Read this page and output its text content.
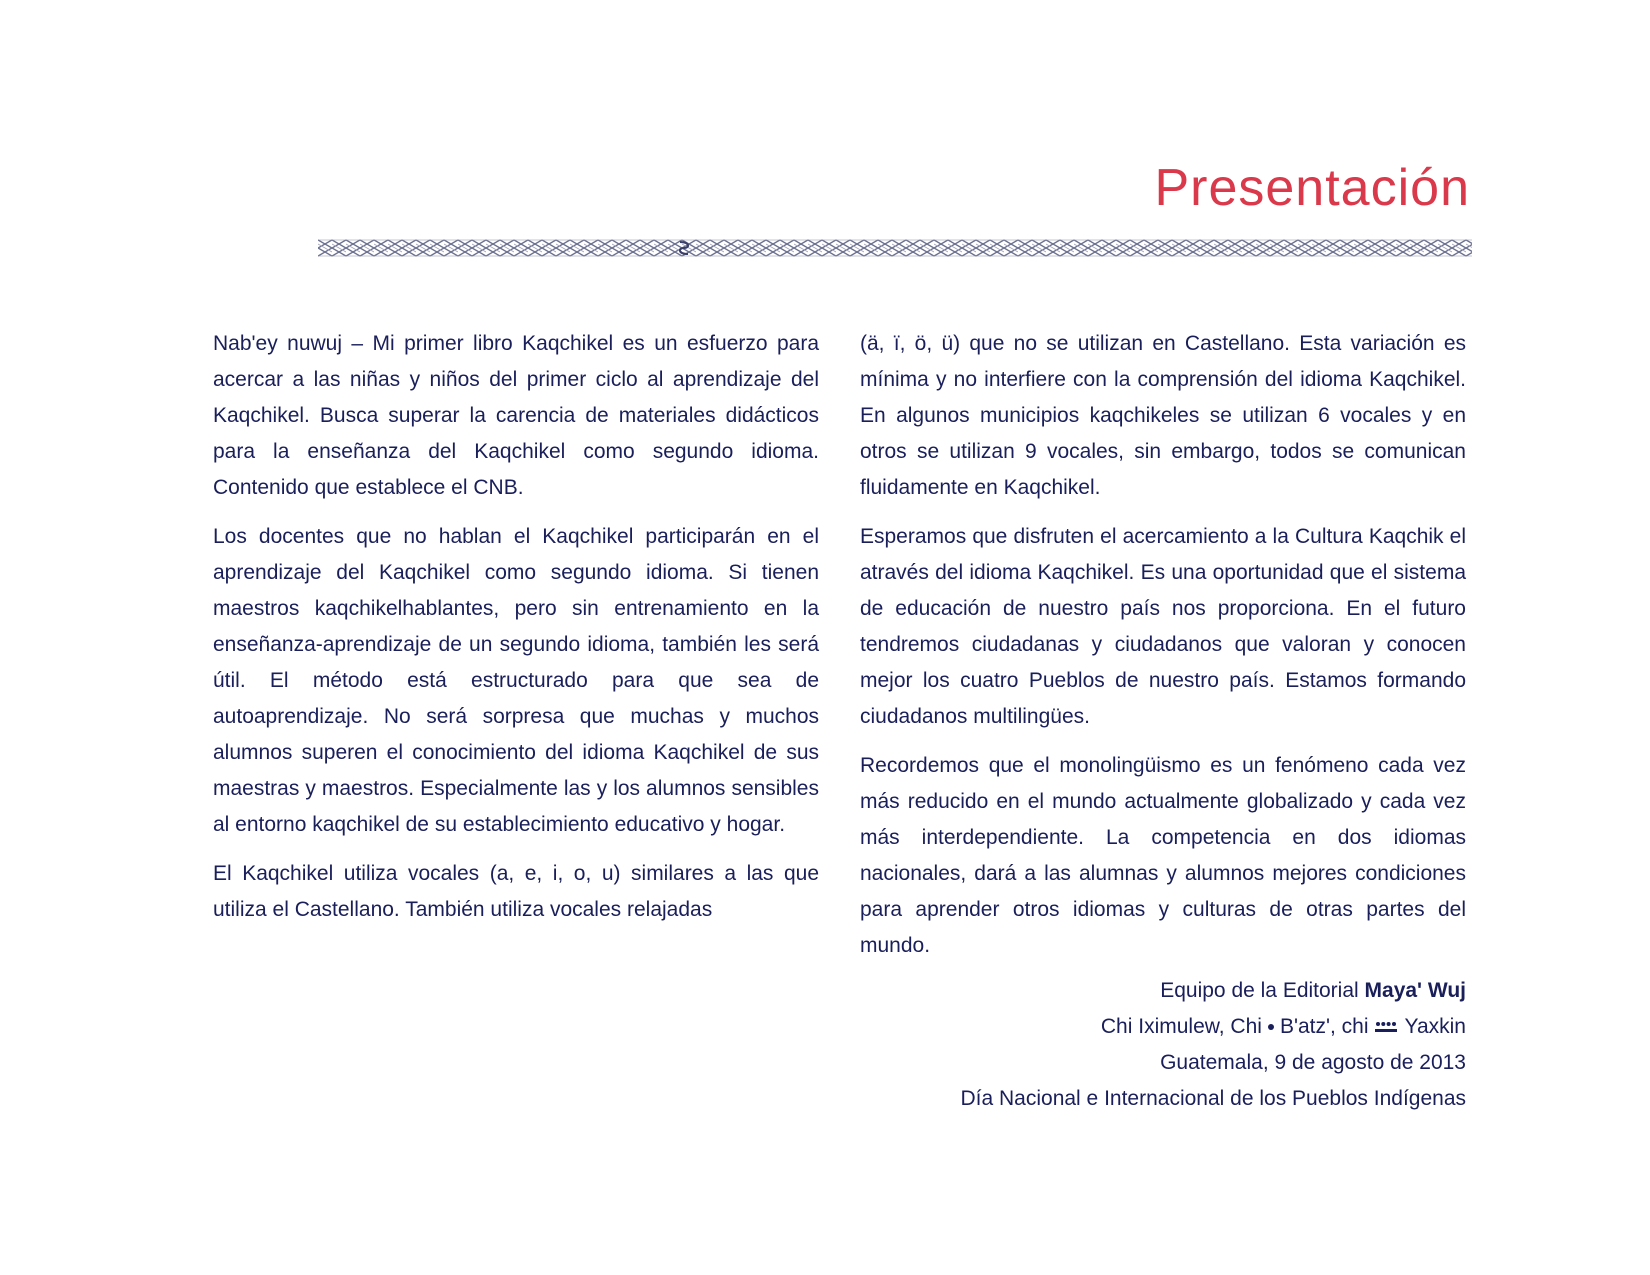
Presentación

Nab'ey nuwuj – Mi primer libro Kaqchikel es un esfuerzo para acercar a las niñas y niños del primer ciclo al aprendizaje del Kaqchikel. Busca superar la carencia de materiales didácticos para la enseñanza del Kaqchikel como segundo idioma. Contenido que establece el CNB.

Los docentes que no hablan el Kaqchikel participarán en el aprendizaje del Kaqchikel como segundo idioma. Si tienen maestros kaqchikelhablantes, pero sin entrenamiento en la enseñanza-aprendizaje de un segundo idioma, también les será útil. El método está estructurado para que sea de autoaprendizaje. No será sorpresa que muchas y muchos alumnos superen el conocimiento del idioma Kaqchikel de sus maestras y maestros. Especialmente las y los alumnos sensibles al entorno kaqchikel de su establecimiento educativo y hogar.

El Kaqchikel utiliza vocales (a, e, i, o, u) similares a las que utiliza el Castellano. También utiliza vocales relajadas

(ä, ï, ö, ü) que no se utilizan en Castellano. Esta variación es mínima y no interfiere con la comprensión del idioma Kaqchikel. En algunos municipios kaqchikeles se utilizan 6 vocales y en otros se utilizan 9 vocales, sin embargo, todos se comunican fluidamente en Kaqchikel.

Esperamos que disfruten el acercamiento a la Cultura Kaqchik el através del idioma Kaqchikel. Es una oportunidad que el sistema de educación de nuestro país nos proporciona. En el futuro tendremos ciudadanas y ciudadanos que valoran y conocen mejor los cuatro Pueblos de nuestro país. Estamos formando ciudadanos multilingües.

Recordemos que el monolingüismo es un fenómeno cada vez más reducido en el mundo actualmente globalizado y cada vez más interdependiente. La competencia en dos idiomas nacionales, dará a las alumnas y alumnos mejores condiciones para aprender otros idiomas y culturas de otras partes del mundo.

Equipo de la Editorial Maya' Wuj
Chi Iximulew, Chi B'atz', chi Yaxkin
Guatemala, 9 de agosto de 2013
Día Nacional e Internacional de los Pueblos Indígenas
